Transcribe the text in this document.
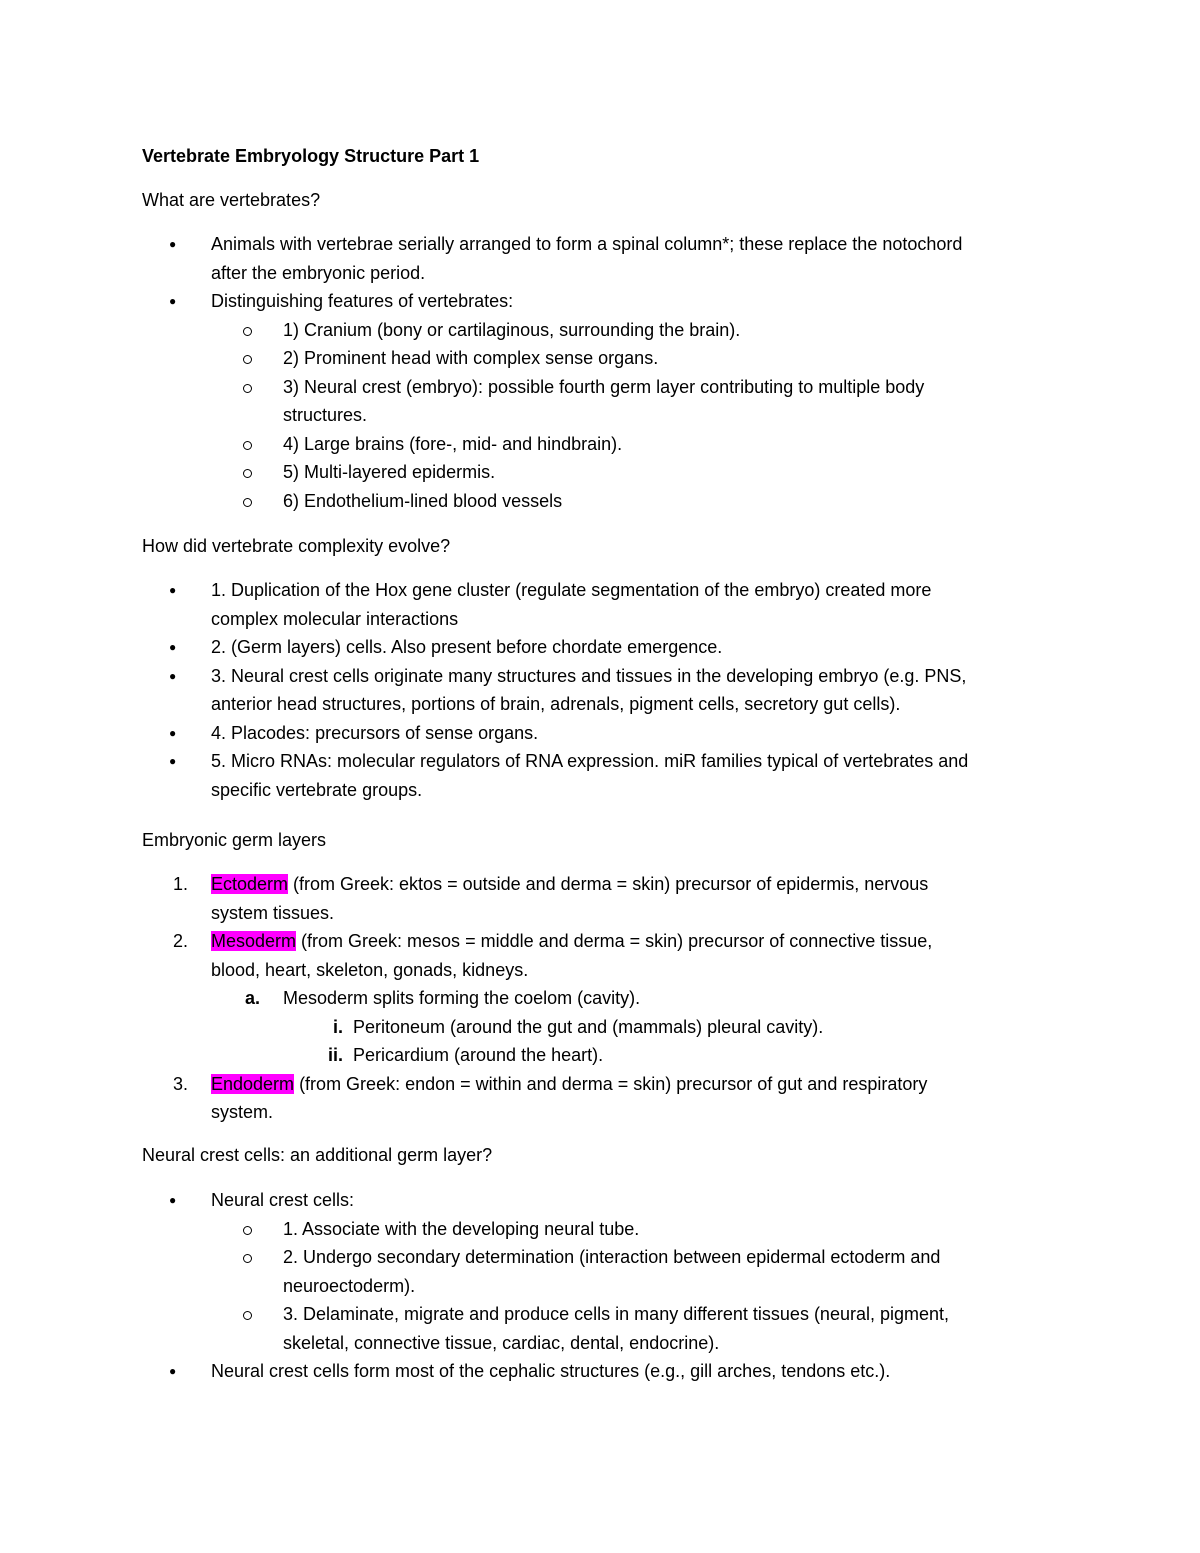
Vertebrate Embryology Structure Part 1

What are vertebrates?

● Animals with vertebrae serially arranged to form a spinal column*; these replace the notochord
after the embryonic period.
● Distinguishing features of vertebrates:
1) Cranium (bony or cartilaginous, surrounding the brain).
2) Prominent head with complex sense organs.
3) Neural crest (embryo): possible fourth germ layer contributing to multiple body
structures.
4) Large brains (fore-, mid- and hindbrain).
5) Multi-layered epidermis.
6) Endothelium-lined blood vessels

How did vertebrate complexity evolve?

● 1. Duplication of the Hox gene cluster (regulate segmentation of the embryo) created more
complex molecular interactions
● 2. (Germ layers) cells. Also present before chordate emergence.
● 3. Neural crest cells originate many structures and tissues in the developing embryo (e.g. PNS,
anterior head structures, portions of brain, adrenals, pigment cells, secretory gut cells).
● 4. Placodes: precursors of sense organs.
● 5. Micro RNAs: molecular regulators of RNA expression. miR families typical of vertebrates and
specific vertebrate groups.

Embryonic germ layers

1. Ectoderm (from Greek: ektos = outside and derma = skin) precursor of epidermis, nervous
system tissues.
2. Mesoderm (from Greek: mesos = middle and derma = skin) precursor of connective tissue,
blood, heart, skeleton, gonads, kidneys.
a. Mesoderm splits forming the coelom (cavity).
i. Peritoneum (around the gut and (mammals) pleural cavity).
ii. Pericardium (around the heart).
3. Endoderm (from Greek: endon = within and derma = skin) precursor of gut and respiratory
system.

Neural crest cells: an additional germ layer?

● Neural crest cells:
1. Associate with the developing neural tube.
2. Undergo secondary determination (interaction between epidermal ectoderm and
neuroectoderm).
3. Delaminate, migrate and produce cells in many different tissues (neural, pigment,
skeletal, connective tissue, cardiac, dental, endocrine).
● Neural crest cells form most of the cephalic structures (e.g., gill arches, tendons etc.).
